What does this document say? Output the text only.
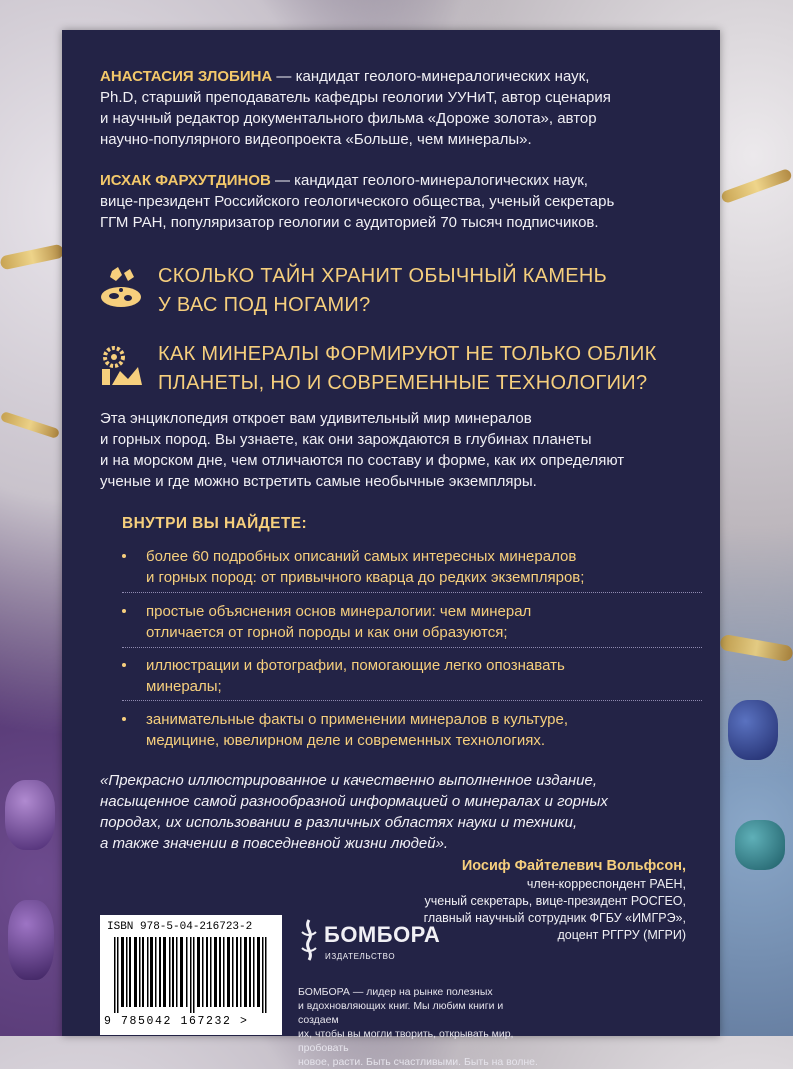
АНАСТАСИЯ ЗЛОБИНА — кандидат геолого-минералогических наук,
Ph.D, старший преподаватель кафедры геологии УУНиТ, автор сценария
и научный редактор документального фильма «Дороже золота», автор
научно-популярного видеопроекта «Больше, чем минералы».

ИСХАК ФАРХУТДИНОВ — кандидат геолого-минералогических наук,
вице-президент Российского геологического общества, ученый секретарь
ГГМ РАН, популяризатор геологии с аудиторией 70 тысяч подписчиков.

СКОЛЬКО ТАЙН ХРАНИТ ОБЫЧНЫЙ КАМЕНЬ
У ВАС ПОД НОГАМИ?

КАК МИНЕРАЛЫ ФОРМИРУЮТ НЕ ТОЛЬКО ОБЛИК
ПЛАНЕТЫ, НО И СОВРЕМЕННЫЕ ТЕХНОЛОГИИ?

Эта энциклопедия откроет вам удивительный мир минералов
и горных пород. Вы узнаете, как они зарождаются в глубинах планеты
и на морском дне, чем отличаются по составу и форме, как их определяют
ученые и где можно встретить самые необычные экземпляры.

ВНУТРИ ВЫ НАЙДЕТЕ:

более 60 подробных описаний самых интересных минералов
и горных пород: от привычного кварца до редких экземпляров;

простые объяснения основ минералогии: чем минерал
отличается от горной породы и как они образуются;

иллюстрации и фотографии, помогающие легко опознавать
минералы;

занимательные факты о применении минералов в культуре,
медицине, ювелирном деле и современных технологиях.

«Прекрасно иллюстрированное и качественно выполненное издание,
насыщенное самой разнообразной информацией о минералах и горных
породах, их использовании в различных областях науки и техники,
а также значении в повседневной жизни людей».

Иосиф Файтелевич Вольфсон,
член-корреспондент РАЕН,
ученый секретарь, вице-президент РОСГЕО,
главный научный сотрудник ФГБУ «ИМГРЭ»,
доцент РГГРУ (МГРИ)
ISBN 978-5-04-216723-2
9 785042 167232 >

БОМБОРА

ИЗДАТЕЛЬСТВО

БОМБОРА — лидер на рынке полезных
и вдохновляющих книг. Мы любим книги и создаем
их, чтобы вы могли творить, открывать мир, пробовать
новое, расти. Быть счастливыми. Быть на волне.
